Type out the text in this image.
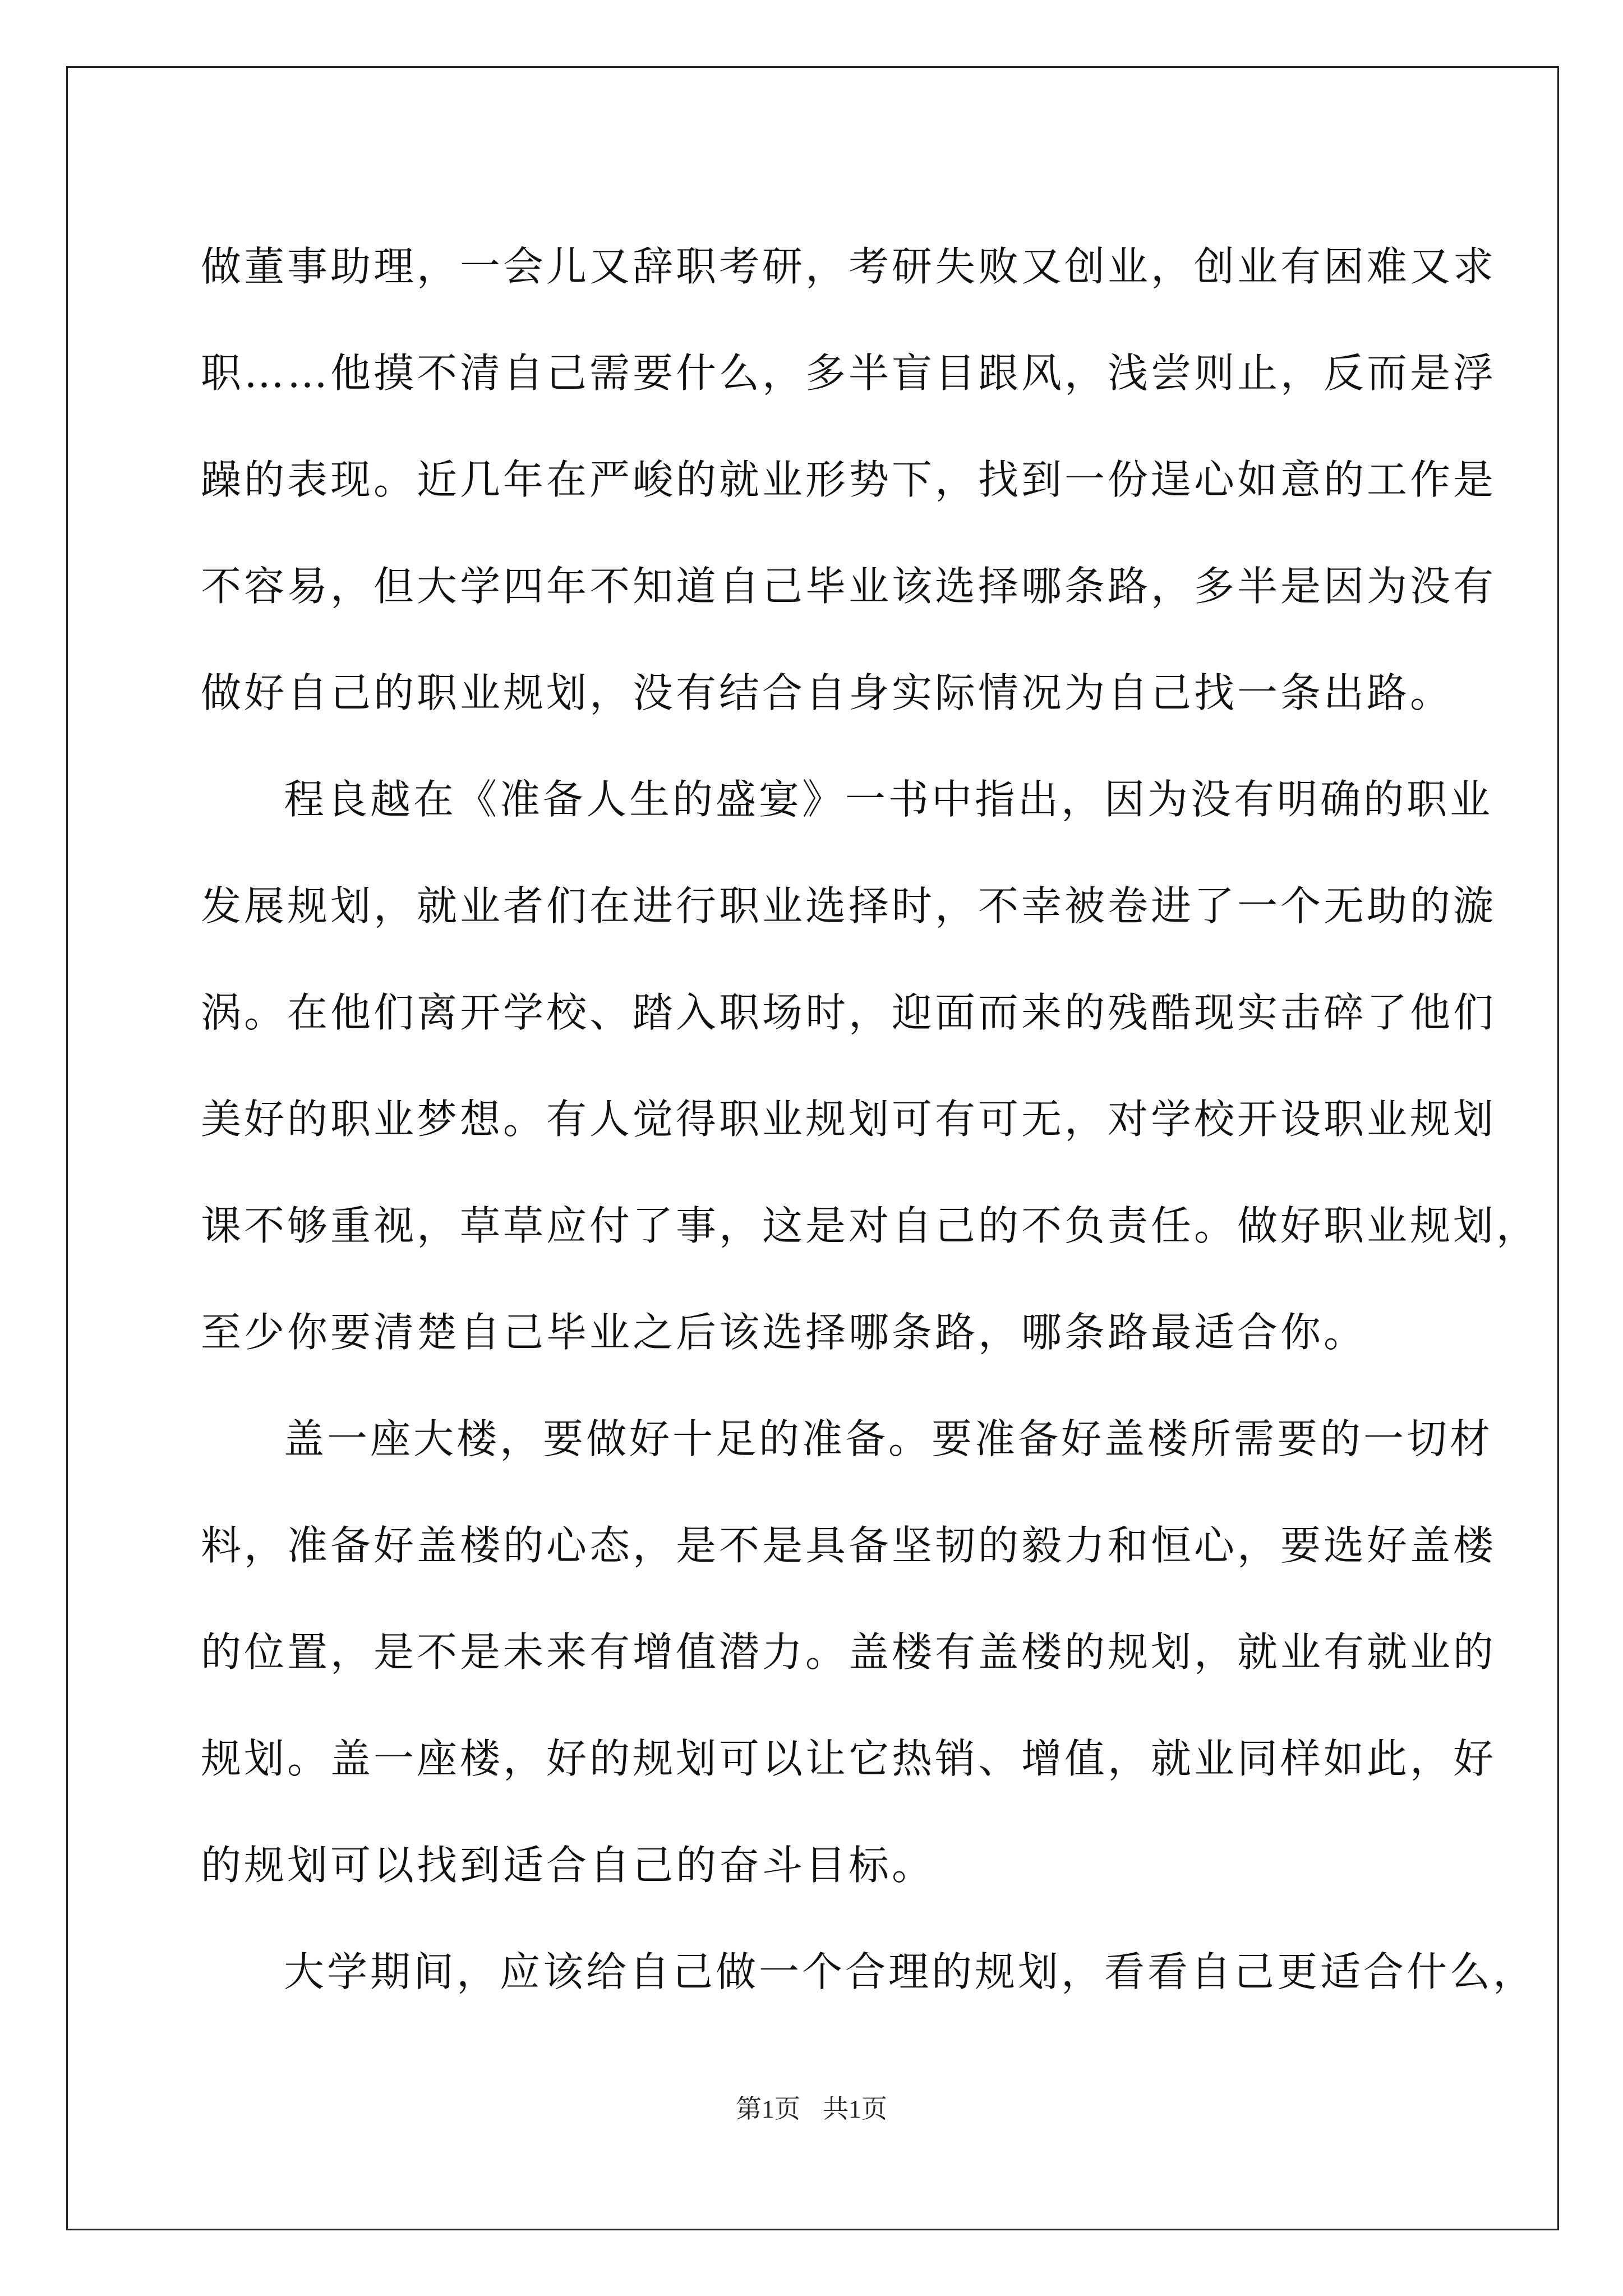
做董事助理，一会儿又辞职考研，考研失败又创业，创业有困难又求
职……他摸不清自己需要什么，多半盲目跟风，浅尝则止，反而是浮
躁的表现。近几年在严峻的就业形势下，找到一份逞心如意的工作是
不容易，但大学四年不知道自己毕业该选择哪条路，多半是因为没有
做好自己的职业规划，没有结合自身实际情况为自己找一条出路。
程良越在《准备人生的盛宴》一书中指出，因为没有明确的职业
发展规划，就业者们在进行职业选择时，不幸被卷进了一个无助的漩
涡。在他们离开学校、踏入职场时，迎面而来的残酷现实击碎了他们
美好的职业梦想。有人觉得职业规划可有可无，对学校开设职业规划
课不够重视，草草应付了事，这是对自己的不负责任。做好职业规划，
至少你要清楚自己毕业之后该选择哪条路，哪条路最适合你。
盖一座大楼，要做好十足的准备。要准备好盖楼所需要的一切材
料，准备好盖楼的心态，是不是具备坚韧的毅力和恒心，要选好盖楼
的位置，是不是未来有增值潜力。盖楼有盖楼的规划，就业有就业的
规划。盖一座楼，好的规划可以让它热销、增值，就业同样如此，好
的规划可以找到适合自己的奋斗目标。
大学期间，应该给自己做一个合理的规划，看看自己更适合什么，
第1页 共1页
